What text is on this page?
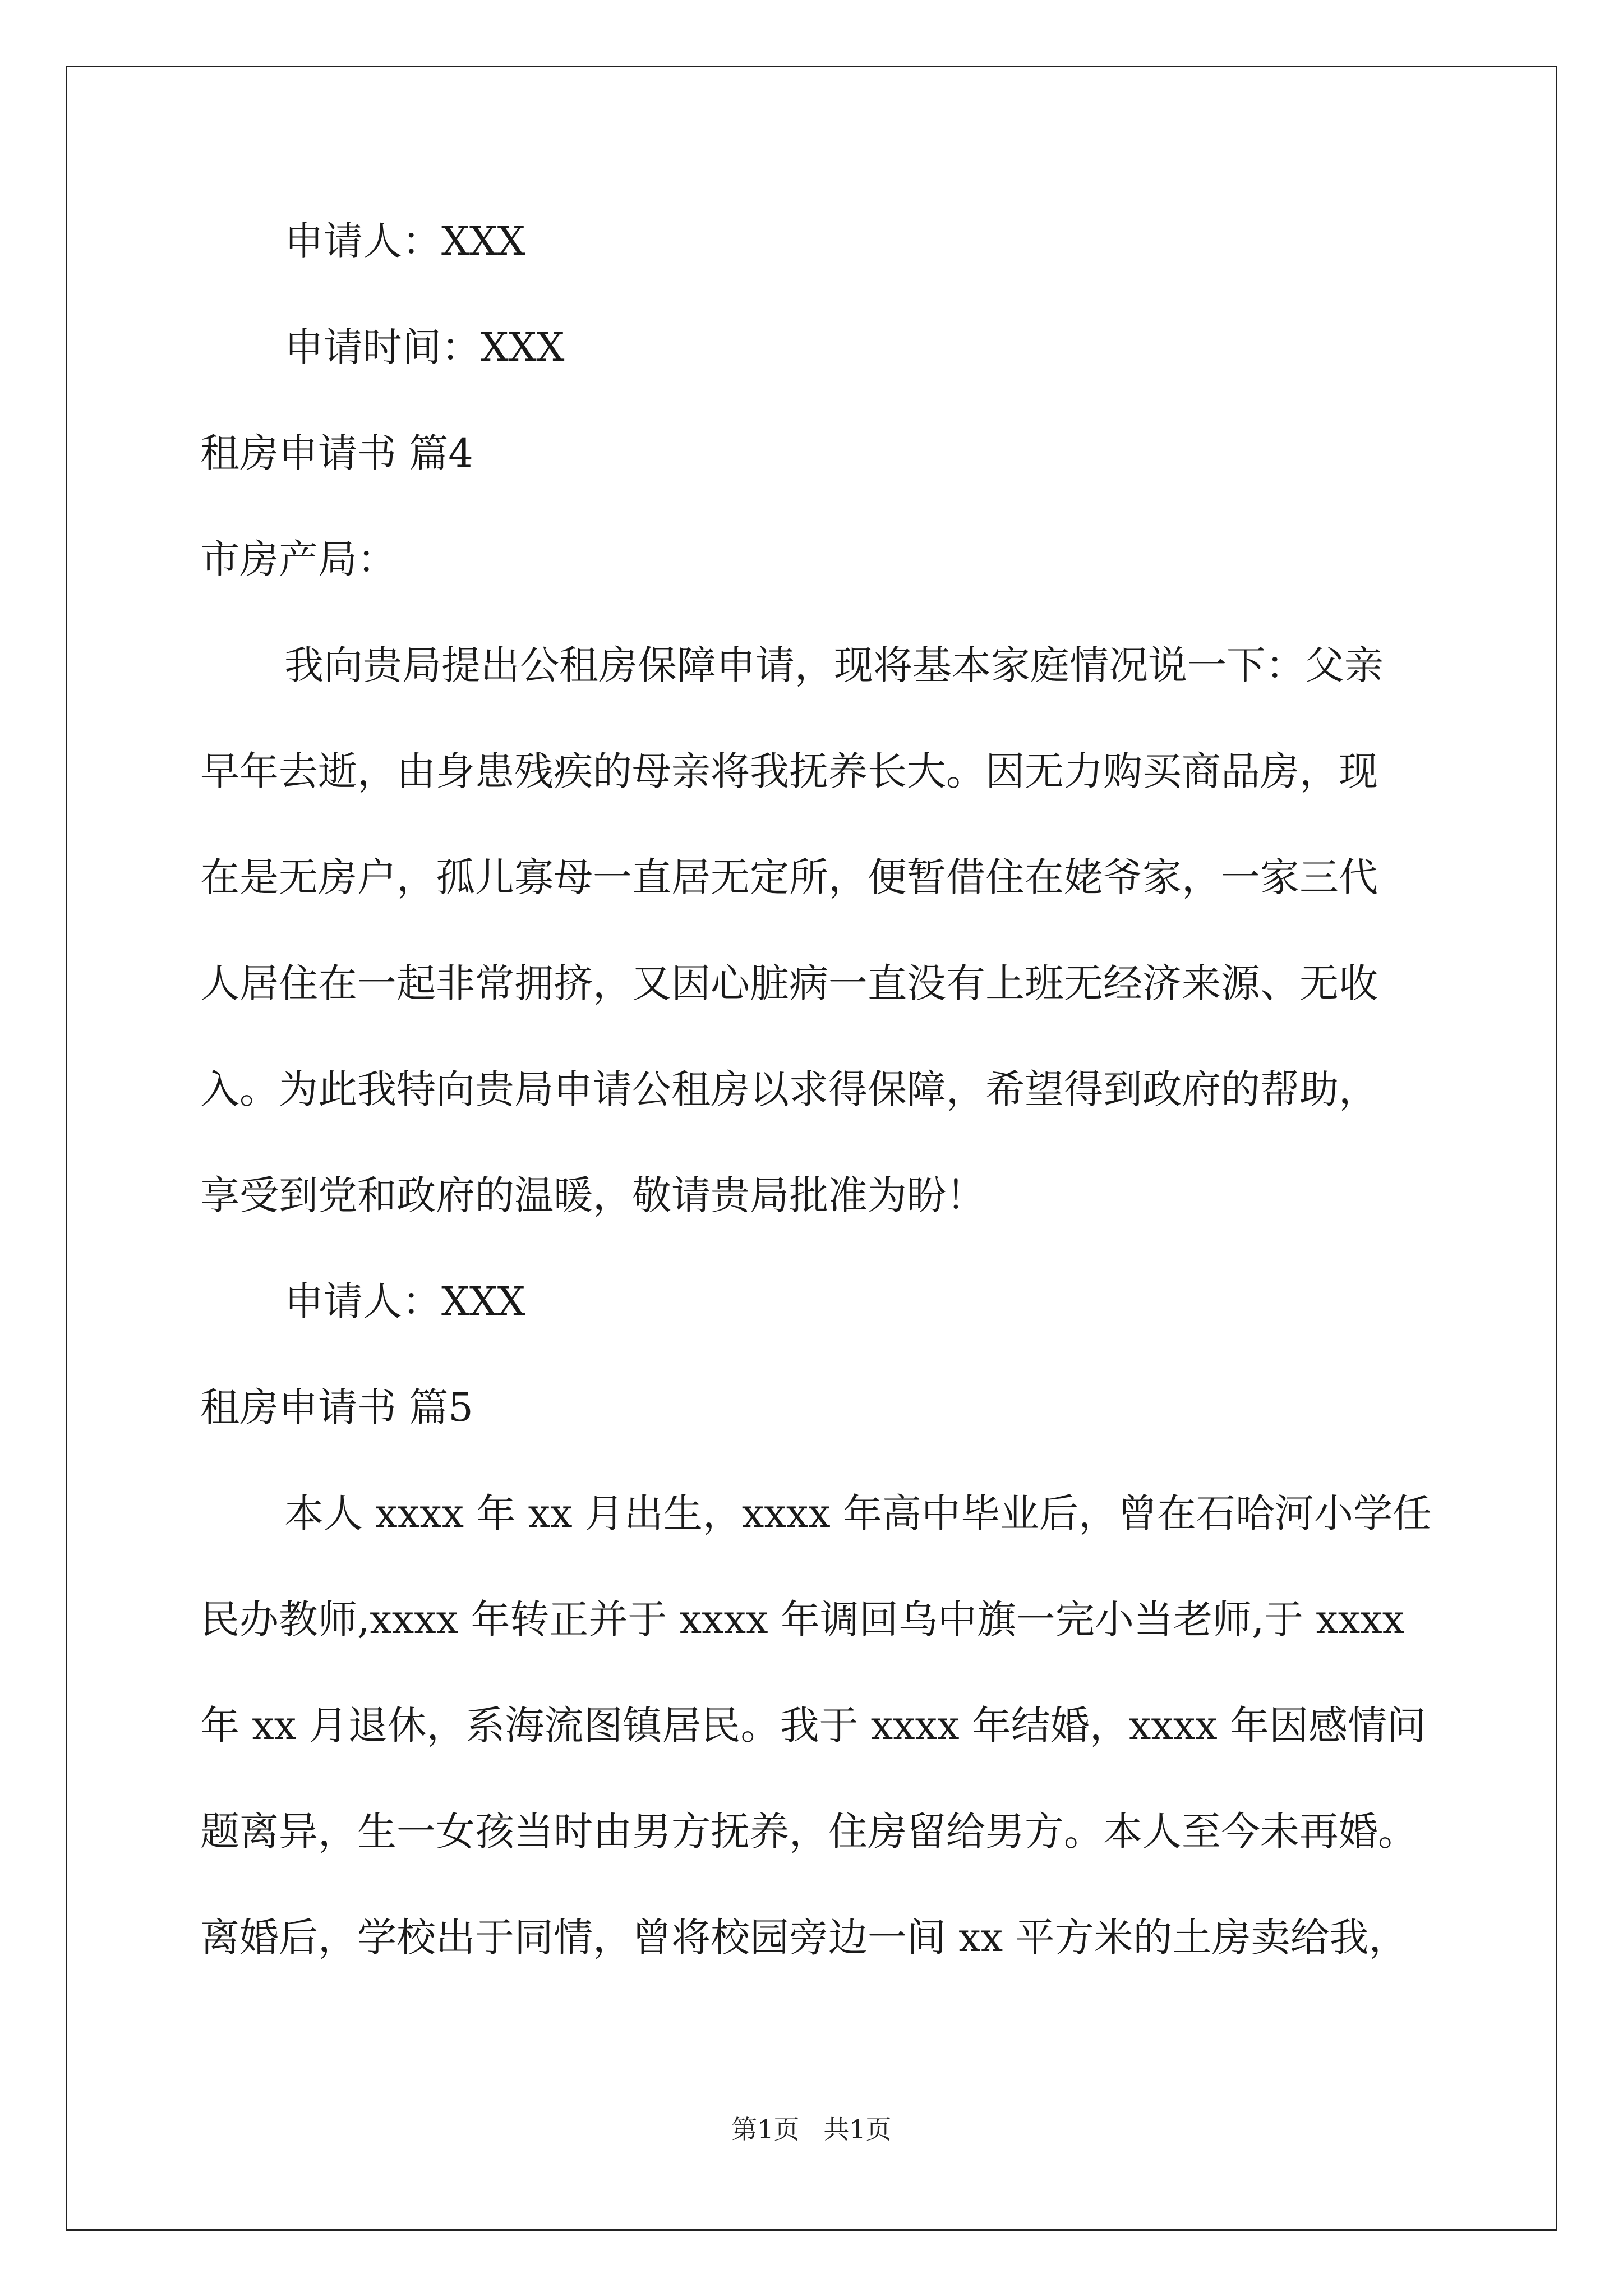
申请人：XXX
申请时间：XXX
租房申请书 篇4
市房产局：
我向贵局提出公租房保障申请，现将基本家庭情况说一下：父亲
早年去逝，由身患残疾的母亲将我抚养长大。因无力购买商品房，现
在是无房户，孤儿寡母一直居无定所，便暂借住在姥爷家，一家三代
人居住在一起非常拥挤，又因心脏病一直没有上班无经济来源、无收
入。为此我特向贵局申请公租房以求得保障，希望得到政府的帮助，
享受到党和政府的温暖，敬请贵局批准为盼！
申请人：XXX
租房申请书 篇5
本人 xxxx 年 xx 月出生，xxxx 年高中毕业后，曾在石哈河小学任
民办教师,xxxx 年转正并于 xxxx 年调回乌中旗一完小当老师,于 xxxx
年 xx 月退休，系海流图镇居民。我于 xxxx 年结婚，xxxx 年因感情问
题离异，生一女孩当时由男方抚养，住房留给男方。本人至今未再婚。
离婚后，学校出于同情，曾将校园旁边一间 xx 平方米的土房卖给我，
第1页 共1页
